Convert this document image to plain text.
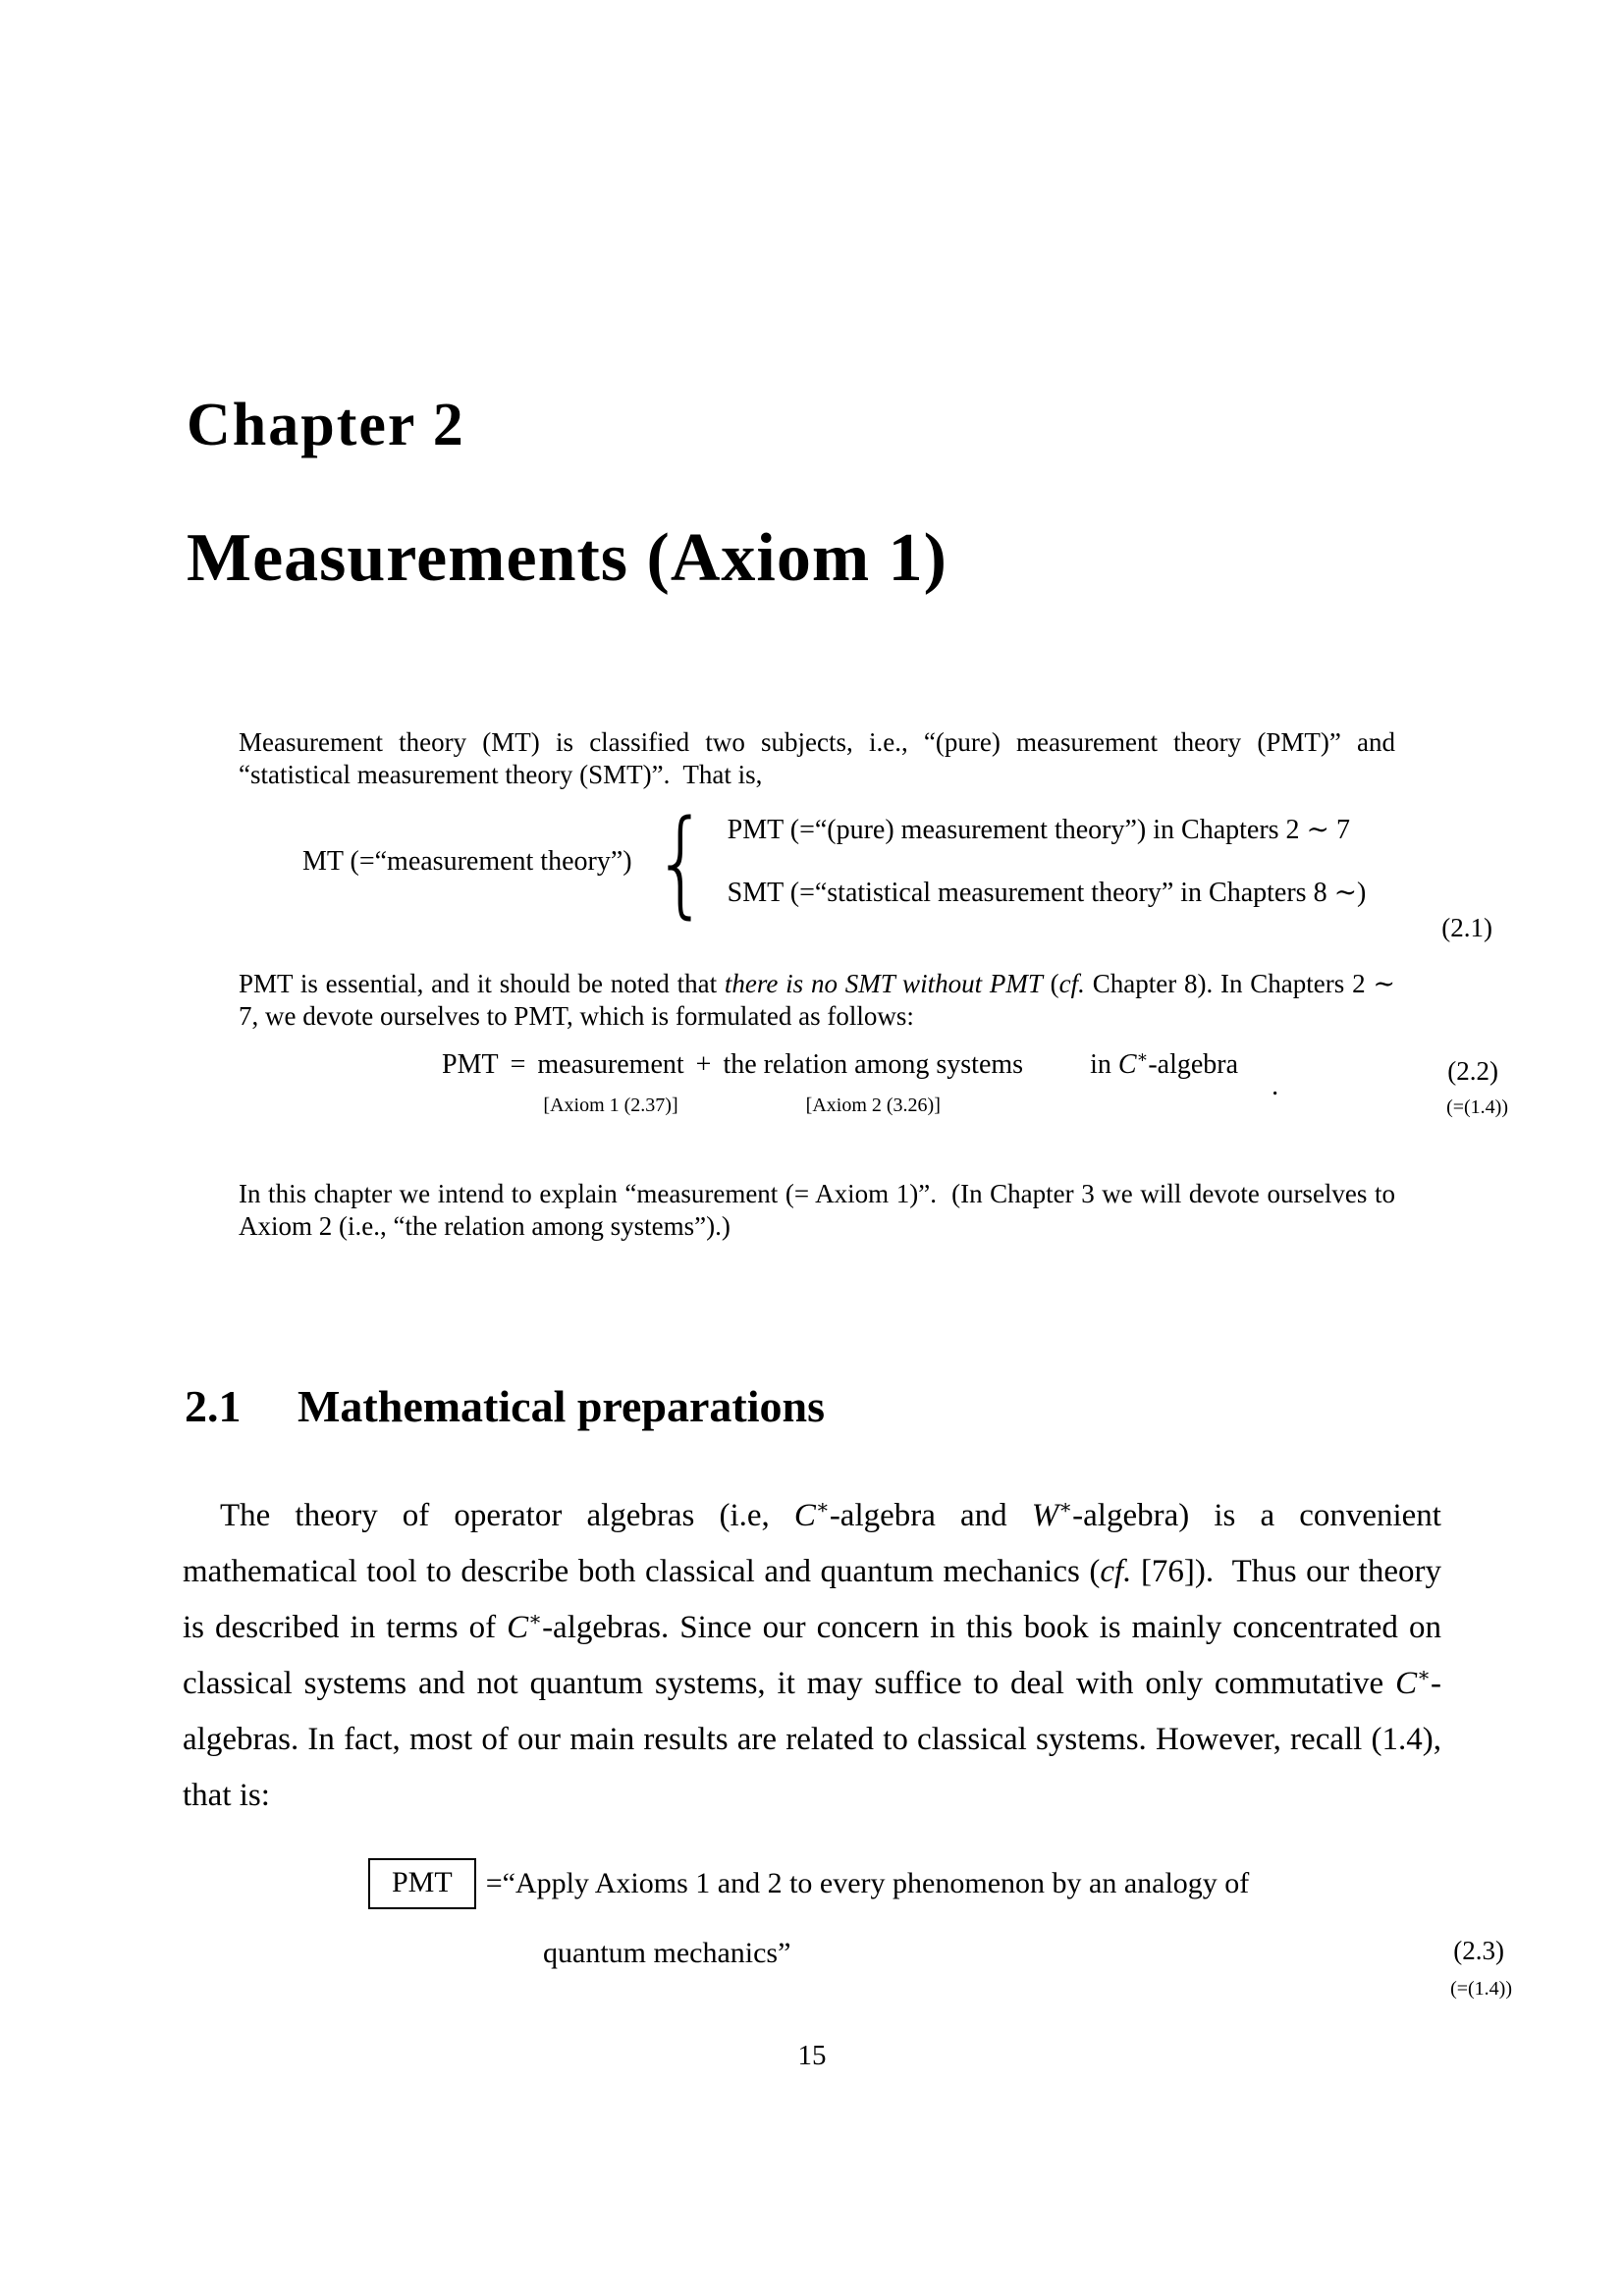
Chapter 2
Measurements (Axiom 1)

Measurement theory (MT) is classified two subjects, i.e., “(pure) measurement theory (PMT)” and “statistical measurement theory (SMT)”.  That is,

MT (=“measurement theory”) { PMT (=“(pure) measurement theory”) in Chapters 2 ∼ 7
SMT (=“statistical measurement theory” in Chapters 8 ∼)
(2.1)

PMT is essential, and it should be noted that there is no SMT without PMT (cf. Chapter 8). In Chapters 2 ∼ 7, we devote ourselves to PMT, which is formulated as follows:

PMT = measurement
[Axiom 1 (2.37)]
+ the relation among systems
[Axiom 2 (3.26)]
in C∗-algebra
.	(2.2)
(=(1.4))

In this chapter we intend to explain “measurement (= Axiom 1)”.  (In Chapter 3 we will devote ourselves to Axiom 2 (i.e., “the relation among systems”).)

2.1 Mathematical preparations

The theory of operator algebras (i.e, C∗-algebra and W∗-algebra) is a convenient mathematical tool to describe both classical and quantum mechanics (cf. [76]).  Thus our theory is described in terms of C∗-algebras. Since our concern in this book is mainly concentrated on classical systems and not quantum systems, it may suffice to deal with only commutative C∗-algebras. In fact, most of our main results are related to classical systems. However, recall (1.4), that is:

PMT	=“Apply Axioms 1 and 2 to every phenomenon by an analogy of
quantum mechanics”	(2.3)
(=(1.4))
15
